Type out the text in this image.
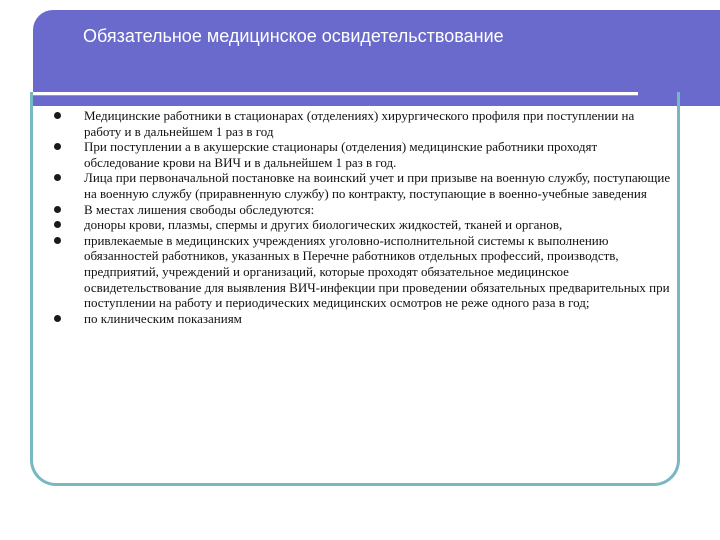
Обязательное медицинское освидетельствование
Медицинские работники в стационарах (отделениях) хирургического профиля при поступлении на работу и в дальнейшем 1 раз в год
При поступлении а в акушерские стационары (отделения) медицинские работники проходят обследование крови на ВИЧ и в дальнейшем 1 раз в год.
Лица при первоначальной постановке на воинский учет и при призыве на военную службу, поступающие на военную службу (приравненную службу) по контракту, поступающие в военно-учебные заведения
В местах лишения свободы обследуются:
доноры крови, плазмы, спермы и других биологических жидкостей, тканей и органов,
привлекаемые в медицинских учреждениях уголовно-исполнительной системы к выполнению обязанностей работников, указанных в Перечне работников отдельных профессий, производств, предприятий, учреждений и организаций, которые проходят обязательное медицинское освидетельствование для выявления ВИЧ-инфекции при проведении обязательных предварительных при поступлении на работу и периодических медицинских осмотров не реже одного раза в год;
по клиническим показаниям
